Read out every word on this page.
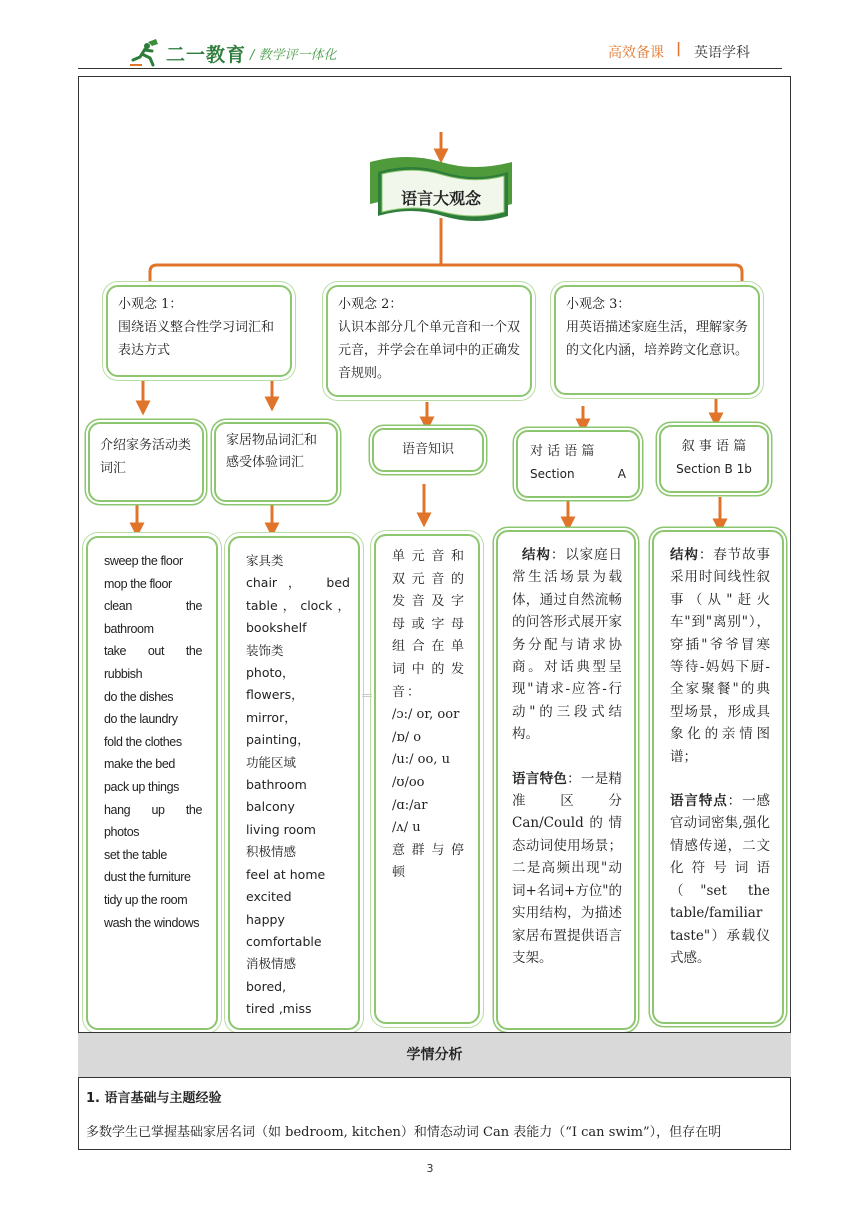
二一教育 / 教学评一体化	高效备课 | 英语学科
语言大观念
小观念 1：
围绕语义整合性学习词汇和表达方式
小观念 2：
认识本部分几个单元音和一个双元音，并学会在单词中的正确发音规则。
小观念 3：
用英语描述家庭生活，理解家务的文化内涵，培养跨文化意识。
介绍家务活动类词汇
家居物品词汇和感受体验词汇
语音知识	对 话 语 篇
Section	A
叙 事 语 篇
Section B 1b
sweep the floor
mop the floor
clean the bathroom
take out the rubbish
do the dishes
do the laundry
fold the clothes
make the bed
pack up things
hang up the photos
set the table
dust the furniture
tidy up the room
wash the windows
家具类
chair， bed table，clock，bookshelf
装饰类
photo，flowers，mirror，painting，
功能区域
bathroom
balcony
living room
积极情感
feel at home
excited
happy
comfortable
消极情感
bored,
tired ,miss
单元音和双元音的发音及字母或字母组合在单词中的发音：
/ɔ:/ or, oor
/ɒ/ o
/u:/ oo, u
/ʊ/oo
/ɑ:/ar
/ʌ/ u
意群与停顿
结构：以家庭日常生活场景为载体，通过自然流畅的问答形式展开家务分配与请求协商。对话典型呈现"请求-应答-行动"的三段式结构。
语言特色：一是精准区分Can/Could的情态动词使用场景；二是高频出现"动词+名词+方位"的实用结构，为描述家居布置提供语言支架。
结构：春节故事采用时间线性叙事（从"赶火车"到"离别"），穿插"爷爷冒寒等待-妈妈下厨-全家聚餐"的典型场景，形成具象化的亲情图谱；
语言特点：一感官动词密集,强化情感传递，二文化符号词语（"set the table/familiar taste"）承载仪式感。
学情分析
1. 语言基础与主题经验
多数学生已掌握基础家居名词（如 bedroom, kitchen）和情态动词 Can 表能力（“I can swim”），但存在明
3
